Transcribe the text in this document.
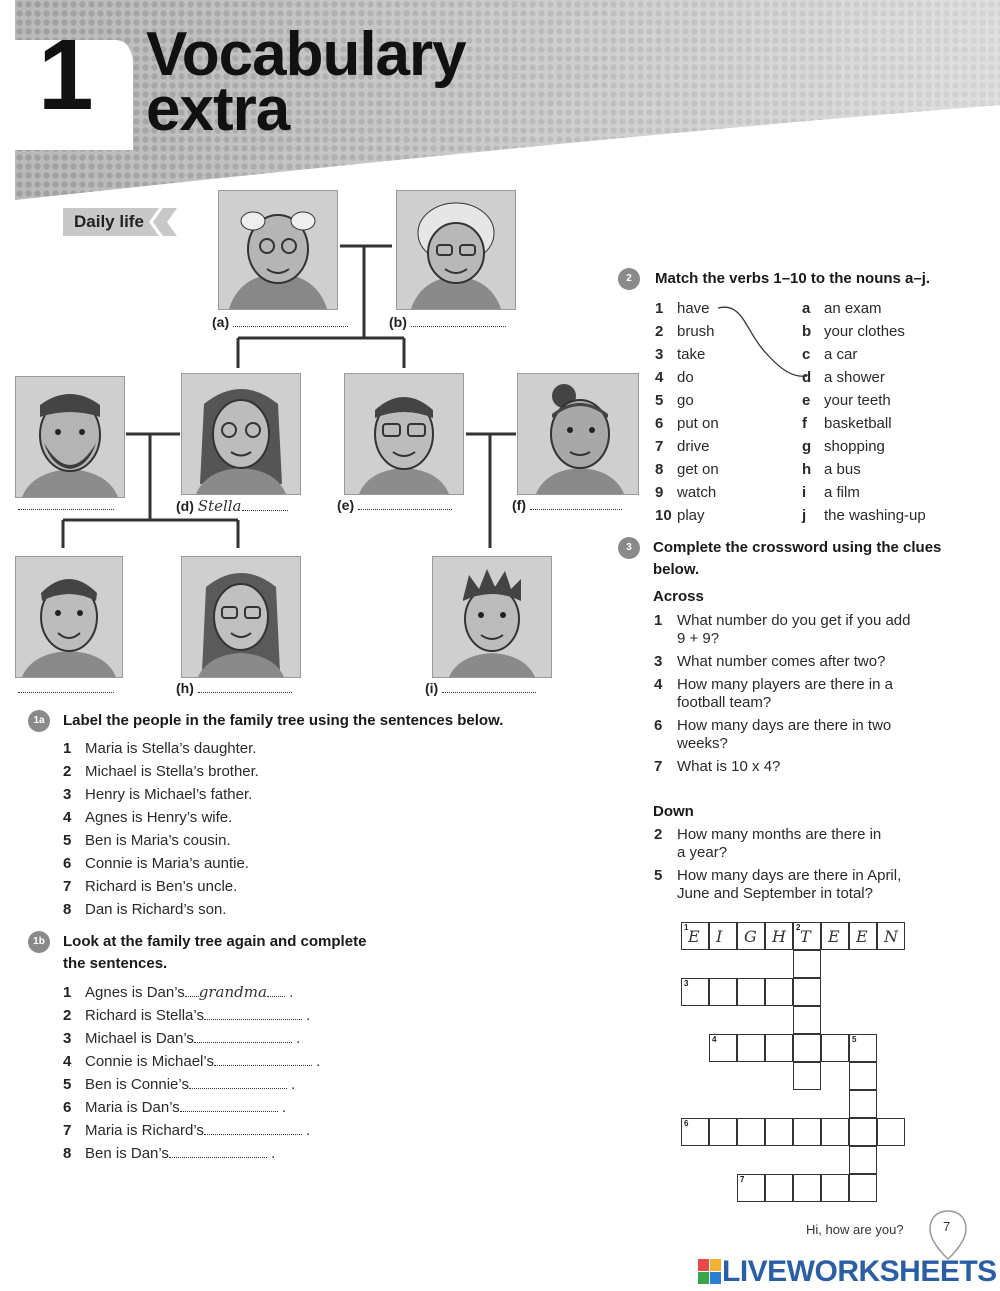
1 Vocabulary
extra
Daily life
(a)	(b)
(d) Stella	(e)	(f)
(h)	(i)
1a	Label the people in the family tree using the sentences below.
1 Maria is Stella’s daughter.
2 Michael is Stella’s brother.
3 Henry is Michael’s father.
4 Agnes is Henry’s wife.
5 Ben is Maria’s cousin.
6 Connie is Maria’s auntie.
7 Richard is Ben’s uncle.
8 Dan is Richard’s son.
1b	Look at the family tree again and complete
the sentences.
1 Agnes is Dan’s grandma .
2 Richard is Stella’s	.
3 Michael is Dan’s	.
4 Connie is Michael’s	.
5 Ben is Connie’s	.
6 Maria is Dan’s	.
7 Maria is Richard’s	.
8 Ben is Dan’s	.
2	Match the verbs 1–10 to the nouns a–j.
1 have	a an exam
2 brush	b your clothes
3 take	c a car
4 do	d a shower
5 go	e your teeth
6 put on	f basketball
7 drive	g shopping
8 get on	h a bus
9 watch	i a film
10 play	j the washing-up
3	Complete the crossword using the clues
below.
Across
1 What number do you get if you add
9 + 9?
3 What number comes after two?
4 How many players are there in a
football team?
6 How many days are there in two
weeks?
7 What is 10 x 4?
Down
2 How many months are there in
a year?
5 How many days are there in April,
June and September in total?
1 E I G H 2 T E E N
3
4	5
6
7
Hi, how are you?	7
LIVEWORKSHEETS
